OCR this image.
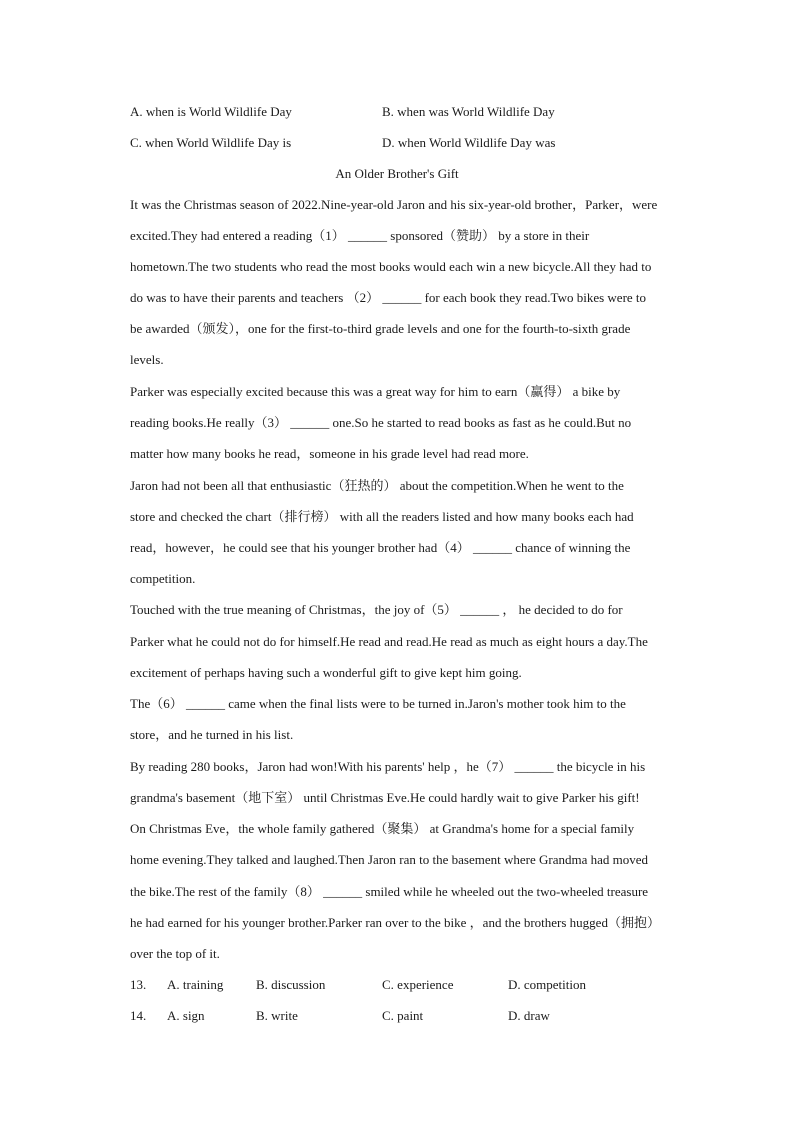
A. when is World Wildlife Day	B. when was World Wildlife Day
C. when World Wildlife Day is	D. when World Wildlife Day was
An Older Brother's Gift
It was the Christmas season of 2022.Nine-year-old Jaron and his six-year-old brother，Parker，were
excited.They had entered a reading（1） ______ sponsored（赞助） by a store in their
hometown.The two students who read the most books would each win a new bicycle.All they had to
do was to have their parents and teachers （2） ______ for each book they read.Two bikes were to
be awarded（颁发），one for the first-to-third grade levels and one for the fourth-to-sixth grade
levels.
Parker was especially excited because this was a great way for him to earn（赢得） a bike by
reading books.He really（3） ______ one.So he started to read books as fast as he could.But no
matter how many books he read，someone in his grade level had read more.
Jaron had not been all that enthusiastic（狂热的） about the competition.When he went to the
store and checked the chart（排行榜） with all the readers listed and how many books each had
read，however，he could see that his younger brother had（4） ______ chance of winning the
competition.
Touched with the true meaning of Christmas，the joy of（5） ______ ， he decided to do for
Parker what he could not do for himself.He read and read.He read as much as eight hours a day.The
excitement of perhaps having such a wonderful gift to give kept him going.
The（6） ______ came when the final lists were to be turned in.Jaron's mother took him to the
store，and he turned in his list.
By reading 280 books，Jaron had won!With his parents' help ，he（7） ______ the bicycle in his
grandma's basement（地下室） until Christmas Eve.He could hardly wait to give Parker his gift!
On Christmas Eve，the whole family gathered（聚集） at Grandma's home for a special family
home evening.They talked and laughed.Then Jaron ran to the basement where Grandma had moved
the bike.The rest of the family（8） ______ smiled while he wheeled out the two-wheeled treasure
he had earned for his younger brother.Parker ran over to the bike ，and the brothers hugged（拥抱）
over the top of it.
13. A. training	B. discussion	C. experience	D. competition
14. A. sign	B. write	C. paint	D. draw
